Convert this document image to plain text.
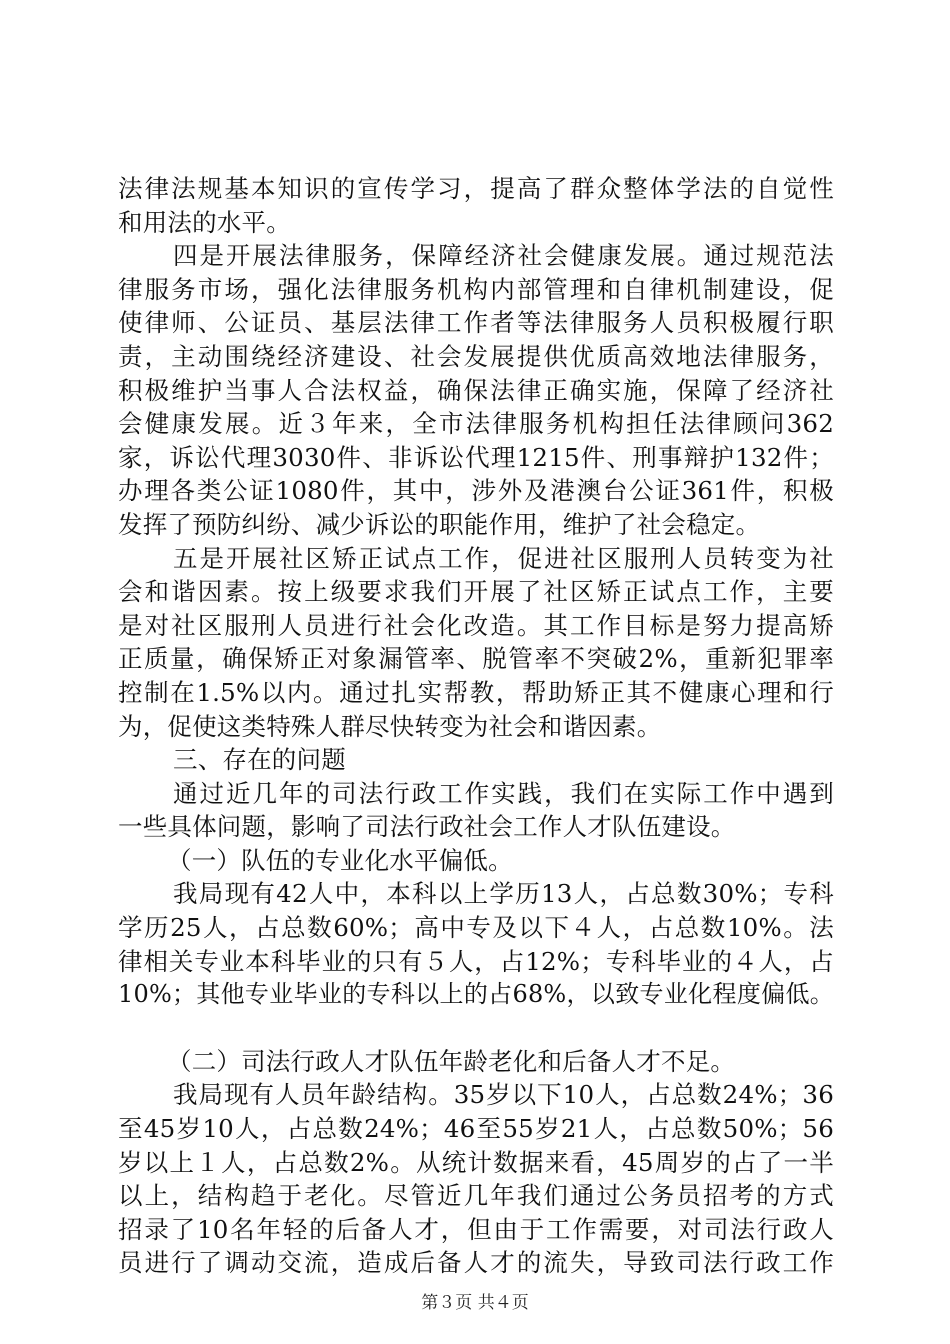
法律法规基本知识的宣传学习，提高了群众整体学法的自觉性
和用法的水平。
四是开展法律服务，保障经济社会健康发展。通过规范法
律服务市场，强化法律服务机构内部管理和自律机制建设，促
使律师、公证员、基层法律工作者等法律服务人员积极履行职
责，主动围绕经济建设、社会发展提供优质高效地法律服务，
积极维护当事人合法权益，确保法律正确实施，保障了经济社
会健康发展。近３年来，全市法律服务机构担任法律顾问362
家，诉讼代理3030件、非诉讼代理1215件、刑事辩护132件；
办理各类公证1080件，其中，涉外及港澳台公证361件，积极
发挥了预防纠纷、减少诉讼的职能作用，维护了社会稳定。
五是开展社区矫正试点工作，促进社区服刑人员转变为社
会和谐因素。按上级要求我们开展了社区矫正试点工作，主要
是对社区服刑人员进行社会化改造。其工作目标是努力提高矫
正质量，确保矫正对象漏管率、脱管率不突破2%，重新犯罪率
控制在1.5%以内。通过扎实帮教，帮助矫正其不健康心理和行
为，促使这类特殊人群尽快转变为社会和谐因素。
三、存在的问题
通过近几年的司法行政工作实践，我们在实际工作中遇到
一些具体问题，影响了司法行政社会工作人才队伍建设。
（一）队伍的专业化水平偏低。
我局现有42人中，本科以上学历13人，占总数30%；专科
学历25人，占总数60%；高中专及以下４人，占总数10%。法
律相关专业本科毕业的只有５人，占12%；专科毕业的４人，占
10%；其他专业毕业的专科以上的占68%，以致专业化程度偏低。
（二）司法行政人才队伍年龄老化和后备人才不足。
我局现有人员年龄结构。35岁以下10人，占总数24%；36
至45岁10人，占总数24%；46至55岁21人，占总数50%；56
岁以上１人，占总数2%。从统计数据来看，45周岁的占了一半
以上，结构趋于老化。尽管近几年我们通过公务员招考的方式
招录了10名年轻的后备人才，但由于工作需要，对司法行政人
员进行了调动交流，造成后备人才的流失，导致司法行政工作
第３页 共４页
